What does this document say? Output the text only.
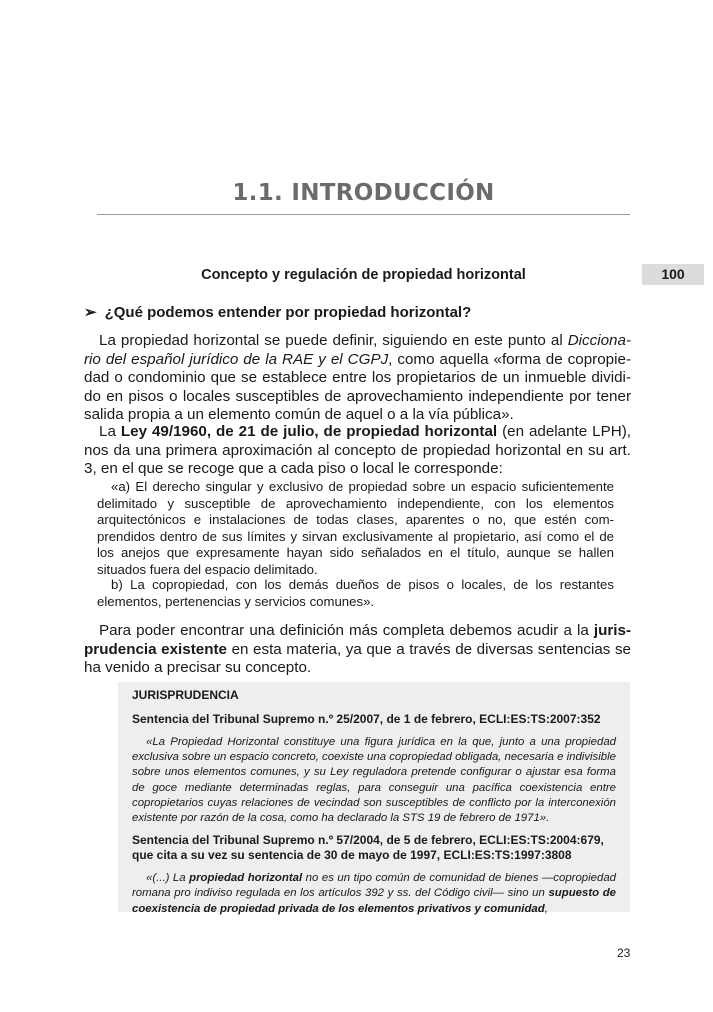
1.1. INTRODUCCIÓN
Concepto y regulación de propiedad horizontal	100

➢ ¿Qué podemos entender por propiedad horizontal?

La propiedad horizontal se puede definir, siguiendo en este punto al Diccionario del español jurídico de la RAE y el CGPJ, como aquella «forma de copropiedad o condominio que se establece entre los propietarios de un inmueble dividido en pisos o locales susceptibles de aprovechamiento independiente por tener salida propia a un elemento común de aquel o a la vía pública».

La Ley 49/1960, de 21 de julio, de propiedad horizontal (en adelante LPH), nos da una primera aproximación al concepto de propiedad horizontal en su art. 3, en el que se recoge que a cada piso o local le corresponde:

«a) El derecho singular y exclusivo de propiedad sobre un espacio suficientemente delimitado y susceptible de aprovechamiento independiente, con los elementos arquitectónicos e instalaciones de todas clases, aparentes o no, que estén comprendidos dentro de sus límites y sirvan exclusivamente al propietario, así como el de los anejos que expresamente hayan sido señalados en el título, aunque se hallen situados fuera del espacio delimitado.

b) La copropiedad, con los demás dueños de pisos o locales, de los restantes elementos, pertenencias y servicios comunes».

Para poder encontrar una definición más completa debemos acudir a la jurisprudencia existente en esta materia, ya que a través de diversas sentencias se ha venido a precisar su concepto.

JURISPRUDENCIA

Sentencia del Tribunal Supremo n.º 25/2007, de 1 de febrero, ECLI:ES:TS:2007:352

«La Propiedad Horizontal constituye una figura jurídica en la que, junto a una propiedad exclusiva sobre un espacio concreto, coexiste una copropiedad obligada, necesaria e indivisible sobre unos elementos comunes, y su Ley reguladora pretende configurar o ajustar esa forma de goce mediante determinadas reglas, para conseguir una pacífica coexistencia entre copropietarios cuyas relaciones de vecindad son susceptibles de conflicto por la interconexión existente por razón de la cosa, como ha declarado la STS 19 de febrero de 1971».

Sentencia del Tribunal Supremo n.º 57/2004, de 5 de febrero, ECLI:ES:TS:2004:679, que cita a su vez su sentencia de 30 de mayo de 1997, ECLI:ES:TS:1997:3808

«(...) La propiedad horizontal no es un tipo común de comunidad de bienes —copropiedad romana pro indiviso regulada en los artículos 392 y ss. del Código civil— sino un supuesto de coexistencia de propiedad privada de los elementos privativos y comunidad,

23
